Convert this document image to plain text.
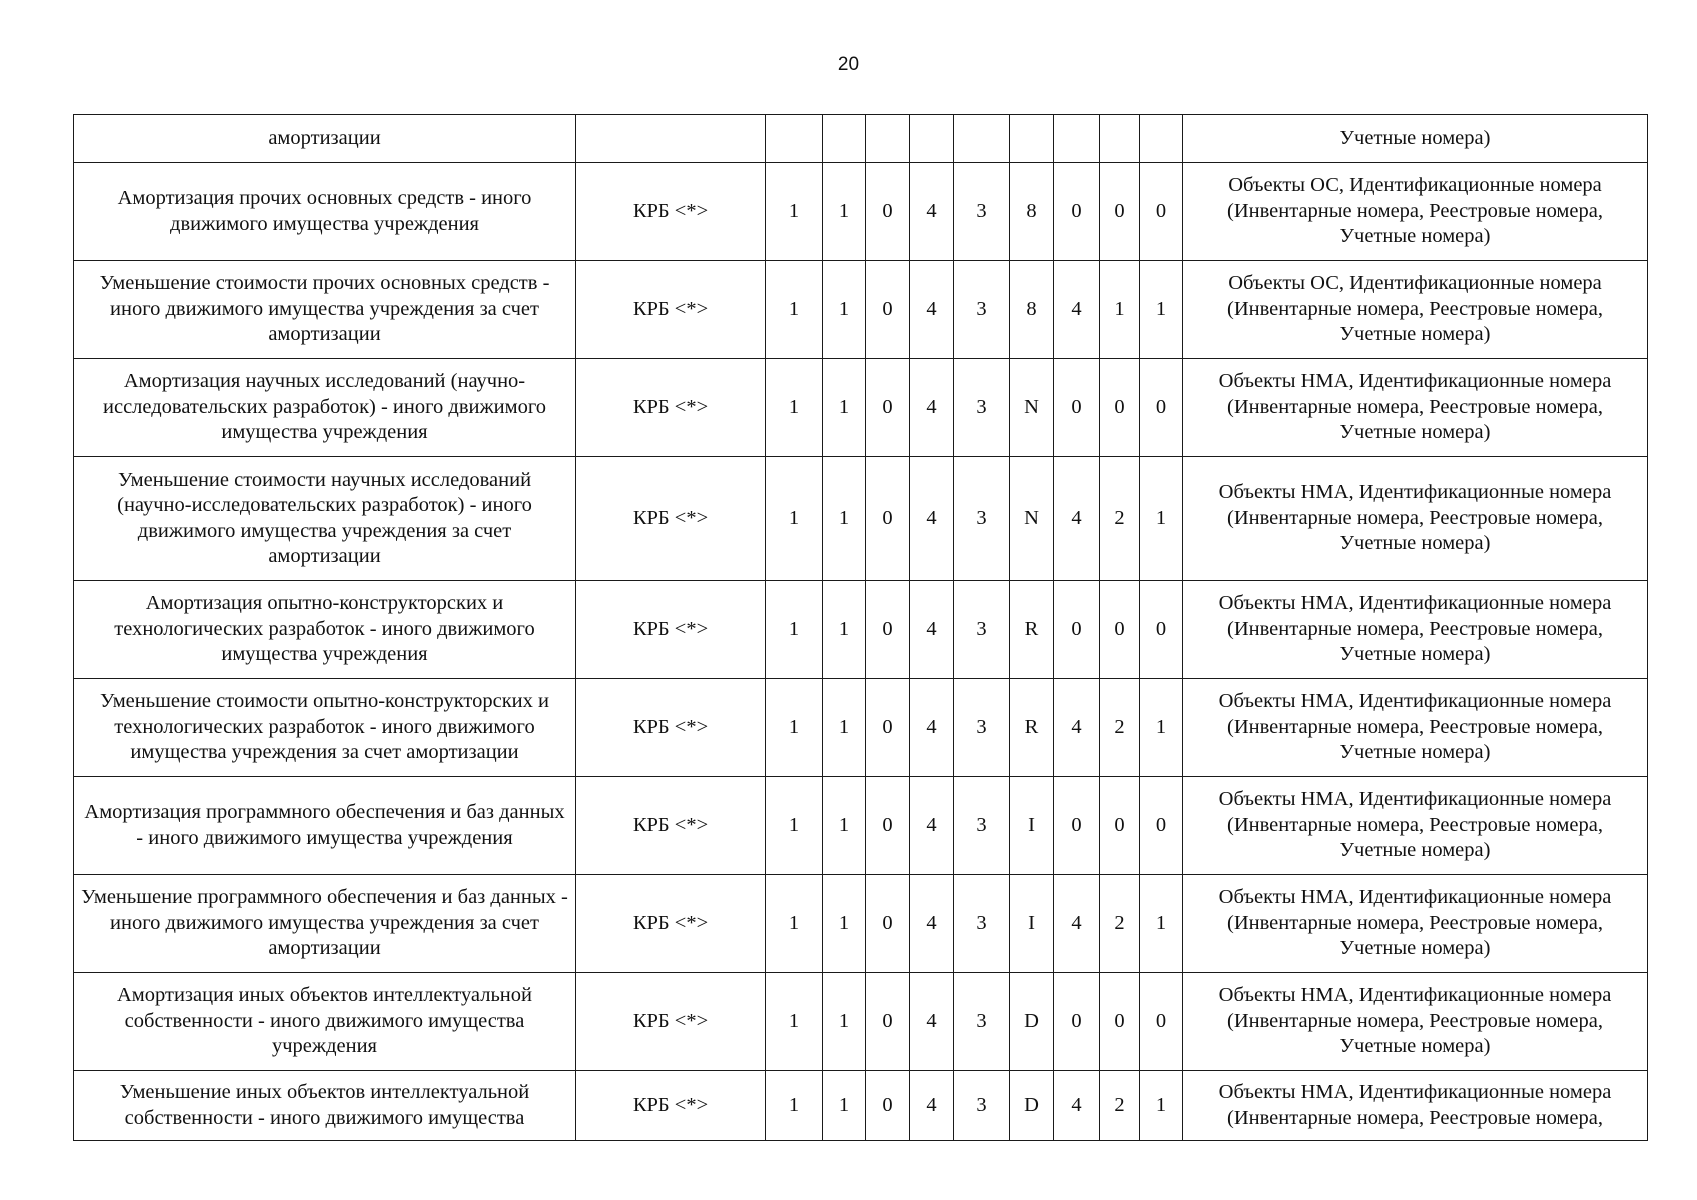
20
амортизации											Учетные номера)
Амортизация прочих основных средств - иного движимого имущества учреждения	КРБ <*>	1	1	0	4	3	8	0	0	0	Объекты ОС, Идентификационные номера (Инвентарные номера, Реестровые номера, Учетные номера)
Уменьшение стоимости прочих основных средств - иного движимого имущества учреждения за счет амортизации	КРБ <*>	1	1	0	4	3	8	4	1	1	Объекты ОС, Идентификационные номера (Инвентарные номера, Реестровые номера, Учетные номера)
Амортизация научных исследований (научно-исследовательских разработок) - иного движимого имущества учреждения	КРБ <*>	1	1	0	4	3	N	0	0	0	Объекты НМА, Идентификационные номера (Инвентарные номера, Реестровые номера, Учетные номера)
Уменьшение стоимости научных исследований (научно-исследовательских разработок) - иного движимого имущества учреждения за счет амортизации	КРБ <*>	1	1	0	4	3	N	4	2	1	Объекты НМА, Идентификационные номера (Инвентарные номера, Реестровые номера, Учетные номера)
Амортизация опытно-конструкторских и технологических разработок - иного движимого имущества учреждения	КРБ <*>	1	1	0	4	3	R	0	0	0	Объекты НМА, Идентификационные номера (Инвентарные номера, Реестровые номера, Учетные номера)
Уменьшение стоимости опытно-конструкторских и технологических разработок - иного движимого имущества учреждения за счет амортизации	КРБ <*>	1	1	0	4	3	R	4	2	1	Объекты НМА, Идентификационные номера (Инвентарные номера, Реестровые номера, Учетные номера)
Амортизация программного обеспечения и баз данных - иного движимого имущества учреждения	КРБ <*>	1	1	0	4	3	I	0	0	0	Объекты НМА, Идентификационные номера (Инвентарные номера, Реестровые номера, Учетные номера)
Уменьшение программного обеспечения и баз данных - иного движимого имущества учреждения за счет амортизации	КРБ <*>	1	1	0	4	3	I	4	2	1	Объекты НМА, Идентификационные номера (Инвентарные номера, Реестровые номера, Учетные номера)
Амортизация иных объектов интеллектуальной собственности - иного движимого имущества учреждения	КРБ <*>	1	1	0	4	3	D	0	0	0	Объекты НМА, Идентификационные номера (Инвентарные номера, Реестровые номера, Учетные номера)
Уменьшение иных объектов интеллектуальной собственности - иного движимого имущества	КРБ <*>	1	1	0	4	3	D	4	2	1	Объекты НМА, Идентификационные номера (Инвентарные номера, Реестровые номера,
